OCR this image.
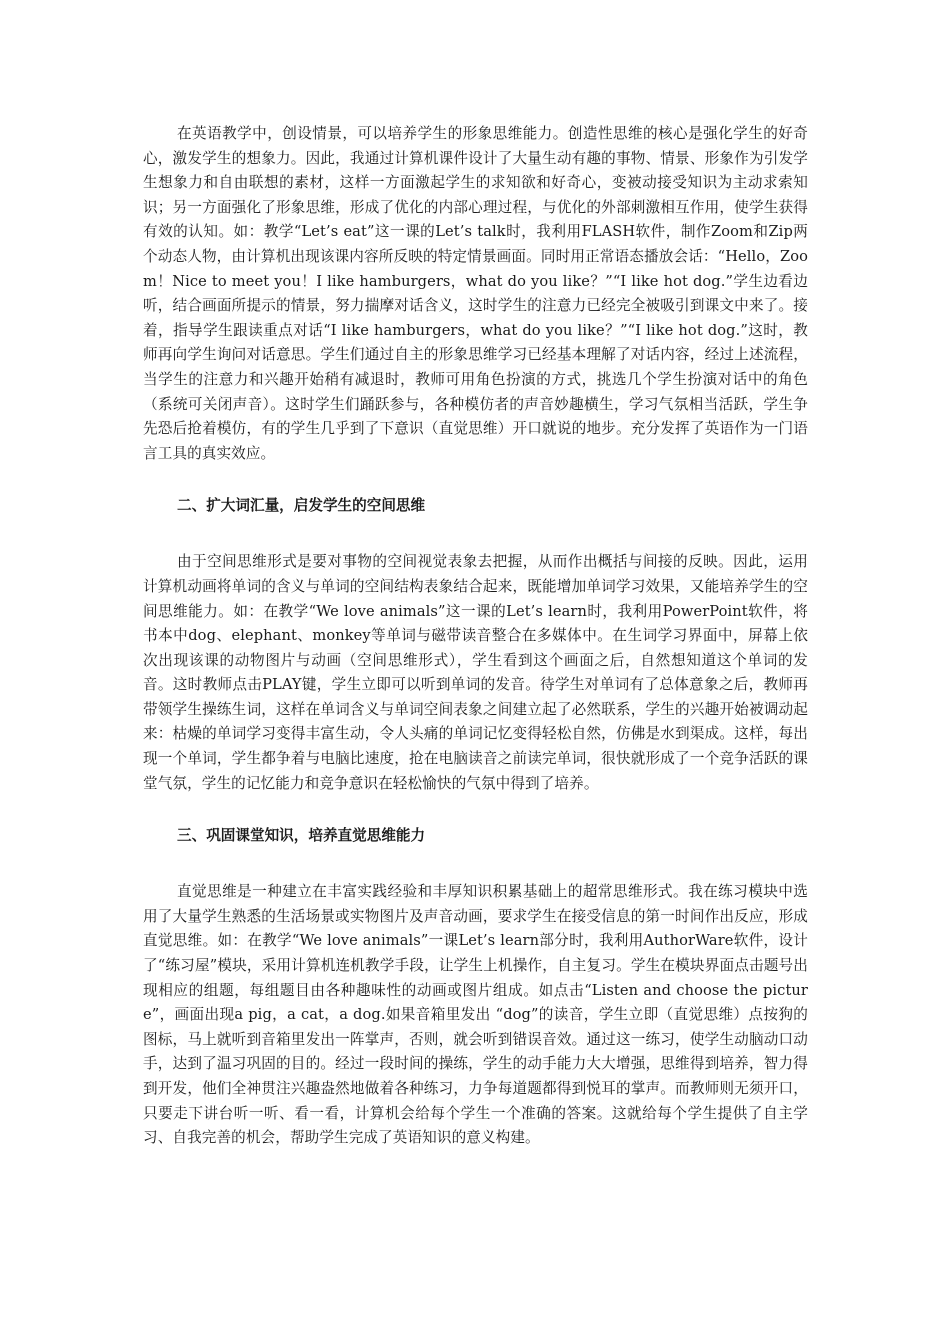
在英语教学中，创设情景，可以培养学生的形象思维能力。创造性思维的核心是强化学生的好奇心，激发学生的想象力。因此，我通过计算机课件设计了大量生动有趣的事物、情景、形象作为引发学生想象力和自由联想的素材，这样一方面激起学生的求知欲和好奇心，变被动接受知识为主动求索知识；另一方面强化了形象思维，形成了优化的内部心理过程，与优化的外部刺激相互作用，使学生获得有效的认知。如：教学“Let’s eat”这一课的Let’s talk时，我利用FLASH软件，制作Zoom和Zip两个动态人物，由计算机出现该课内容所反映的特定情景画面。同时用正常语态播放会话：“Hello，Zoom！Nice to meet you！I like hamburgers，what do you like？”“I like hot dog.”学生边看边听，结合画面所提示的情景，努力揣摩对话含义，这时学生的注意力已经完全被吸引到课文中来了。接着，指导学生跟读重点对话“I like hamburgers，what do you like？”“I like hot dog.”这时，教师再向学生询问对话意思。学生们通过自主的形象思维学习已经基本理解了对话内容，经过上述流程，当学生的注意力和兴趣开始稍有减退时，教师可用角色扮演的方式，挑选几个学生扮演对话中的角色（系统可关闭声音）。这时学生们踊跃参与，各种模仿者的声音妙趣横生，学习气氛相当活跃，学生争先恐后抢着模仿，有的学生几乎到了下意识（直觉思维）开口就说的地步。充分发挥了英语作为一门语言工具的真实效应。

二、扩大词汇量，启发学生的空间思维

由于空间思维形式是要对事物的空间视觉表象去把握，从而作出概括与间接的反映。因此，运用计算机动画将单词的含义与单词的空间结构表象结合起来，既能增加单词学习效果，又能培养学生的空间思维能力。如：在教学“We love animals”这一课的Let’s learn时，我利用PowerPoint软件，将书本中dog、elephant、monkey等单词与磁带读音整合在多媒体中。在生词学习界面中，屏幕上依次出现该课的动物图片与动画（空间思维形式），学生看到这个画面之后，自然想知道这个单词的发音。这时教师点击PLAY键，学生立即可以听到单词的发音。待学生对单词有了总体意象之后，教师再带领学生操练生词，这样在单词含义与单词空间表象之间建立起了必然联系，学生的兴趣开始被调动起来：枯燥的单词学习变得丰富生动，令人头痛的单词记忆变得轻松自然，仿佛是水到渠成。这样，每出现一个单词，学生都争着与电脑比速度，抢在电脑读音之前读完单词，很快就形成了一个竞争活跃的课堂气氛，学生的记忆能力和竞争意识在轻松愉快的气氛中得到了培养。

三、巩固课堂知识，培养直觉思维能力

直觉思维是一种建立在丰富实践经验和丰厚知识积累基础上的超常思维形式。我在练习模块中选用了大量学生熟悉的生活场景或实物图片及声音动画，要求学生在接受信息的第一时间作出反应，形成直觉思维。如：在教学“We love animals”一课Let’s learn部分时，我利用AuthorWare软件，设计了“练习屋”模块，采用计算机连机教学手段，让学生上机操作，自主复习。学生在模块界面点击题号出现相应的组题，每组题目由各种趣味性的动画或图片组成。如点击“Listen and choose the picture”，画面出现a pig，a cat，a dog.如果音箱里发出 “dog”的读音，学生立即（直觉思维）点按狗的图标，马上就听到音箱里发出一阵掌声，否则，就会听到错误音效。通过这一练习，使学生动脑动口动手，达到了温习巩固的目的。经过一段时间的操练，学生的动手能力大大增强，思维得到培养，智力得到开发，他们全神贯注兴趣盎然地做着各种练习，力争每道题都得到悦耳的掌声。而教师则无须开口，只要走下讲台听一听、看一看，计算机会给每个学生一个准确的答案。这就给每个学生提供了自主学习、自我完善的机会，帮助学生完成了英语知识的意义构建。
